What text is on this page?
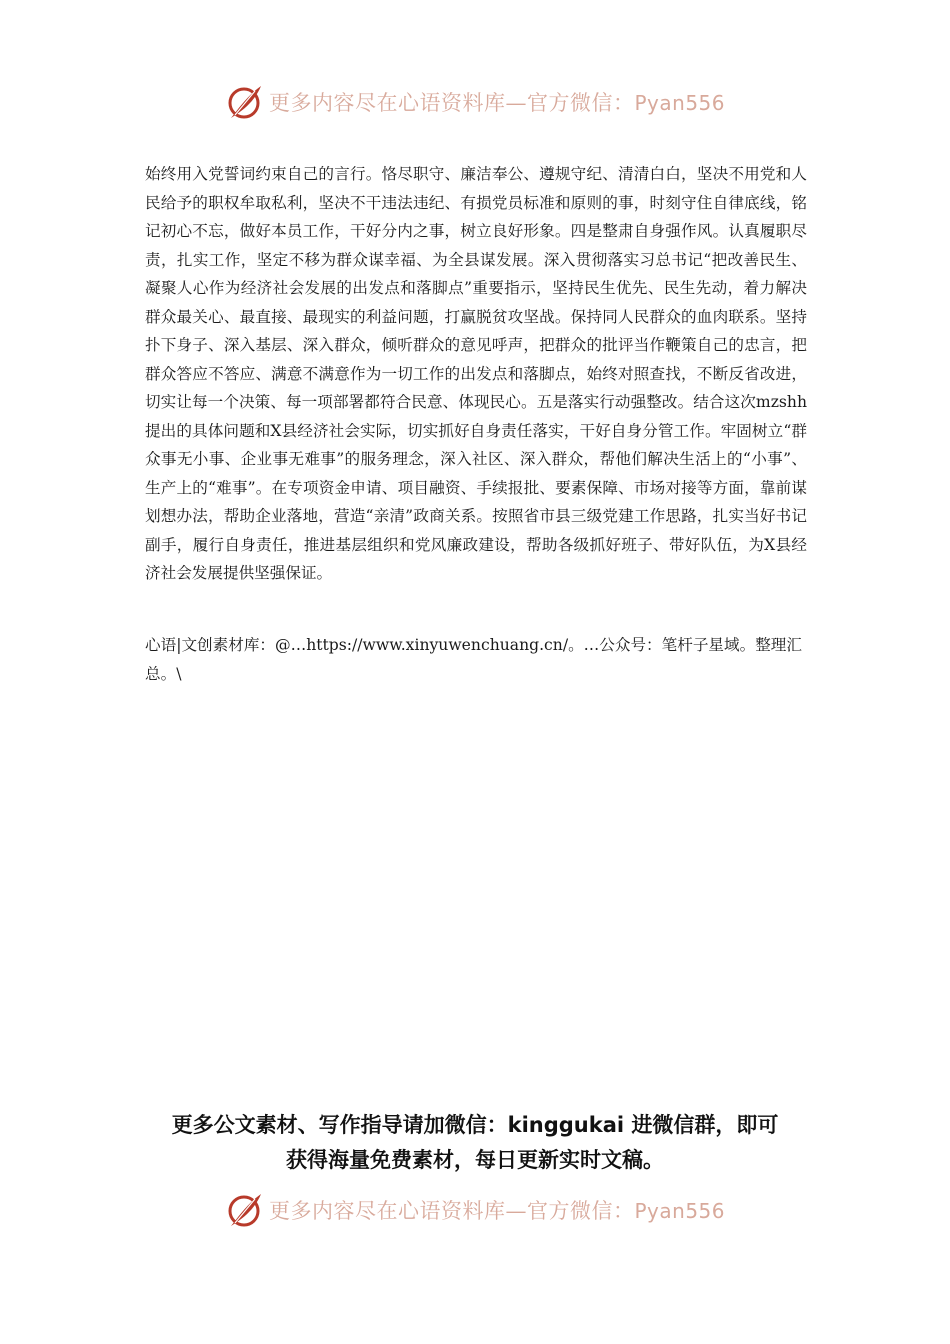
更多内容尽在心语资料库—官方微信：Pyan556

始终用入党誓词约束自己的言行。恪尽职守、廉洁奉公、遵规守纪、清清白白，坚决不用党和人民给予的职权牟取私利，坚决不干违法违纪、有损党员标准和原则的事，时刻守住自律底线，铭记初心不忘，做好本员工作，干好分内之事，树立良好形象。四是整肃自身强作风。认真履职尽责，扎实工作，坚定不移为群众谋幸福、为全县谋发展。深入贯彻落实习总书记“把改善民生、凝聚人心作为经济社会发展的出发点和落脚点”重要指示，坚持民生优先、民生先动，着力解决群众最关心、最直接、最现实的利益问题，打赢脱贫攻坚战。保持同人民群众的血肉联系。坚持扑下身子、深入基层、深入群众，倾听群众的意见呼声，把群众的批评当作鞭策自己的忠言，把群众答应不答应、满意不满意作为一切工作的出发点和落脚点，始终对照查找，不断反省改进，切实让每一个决策、每一项部署都符合民意、体现民心。五是落实行动强整改。结合这次mzshh提出的具体问题和X县经济社会实际，切实抓好自身责任落实，干好自身分管工作。牢固树立“群众事无小事、企业事无难事”的服务理念，深入社区、深入群众，帮他们解决生活上的“小事”、生产上的“难事”。在专项资金申请、项目融资、手续报批、要素保障、市场对接等方面，靠前谋划想办法，帮助企业落地，营造“亲清”政商关系。按照省市县三级党建工作思路，扎实当好书记副手，履行自身责任，推进基层组织和党风廉政建设，帮助各级抓好班子、带好队伍，为X县经济社会发展提供坚强保证。

心语|文创素材库：@…https://www.xinyuwenchuang.cn/。…公众号：笔杆子星域。整理汇总。\

更多公文素材、写作指导请加微信：kinggukai 进微信群，即可
获得海量免费素材，每日更新实时文稿。
更多内容尽在心语资料库—官方微信：Pyan556
